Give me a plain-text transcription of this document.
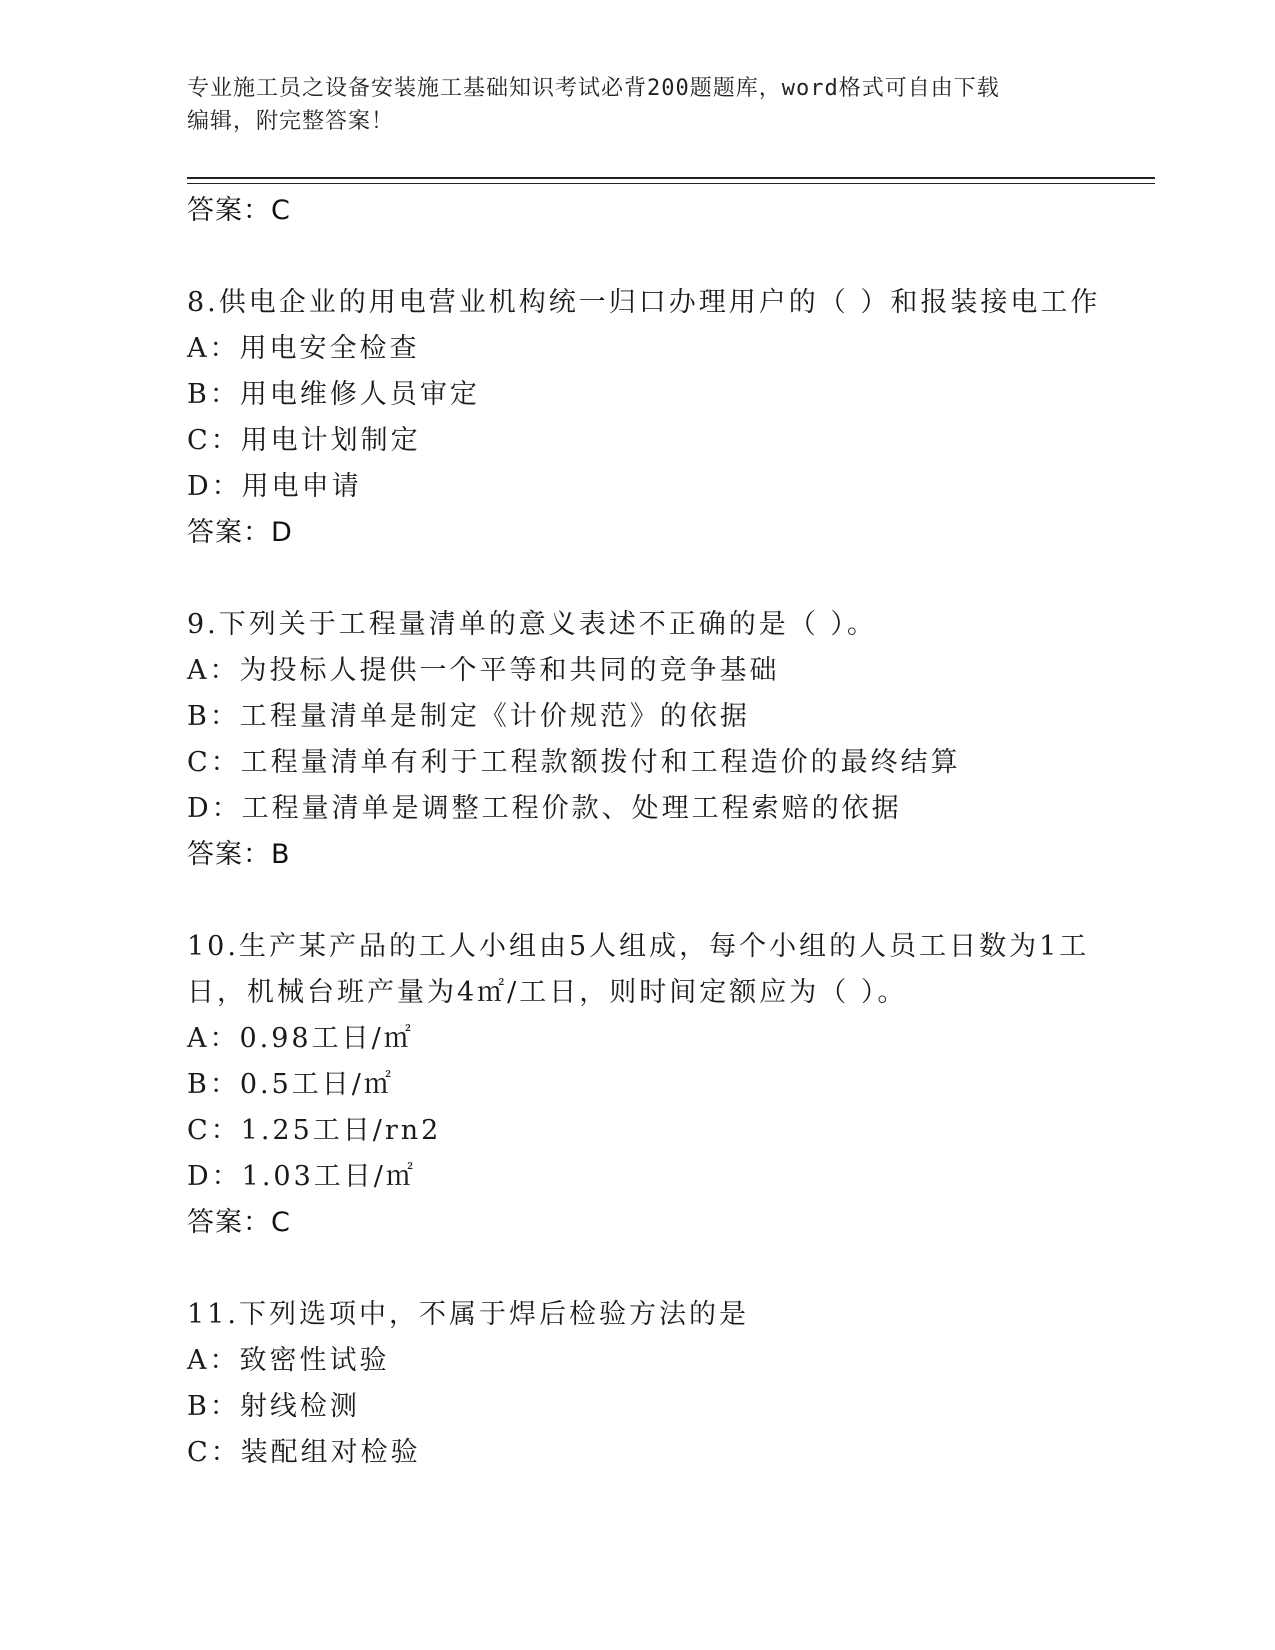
专业施工员之设备安装施工基础知识考试必背200题题库，word格式可自由下载
编辑，附完整答案！
答案：C
8.供电企业的用电营业机构统一归口办理用户的（ ）和报装接电工作
A：用电安全检查
B：用电维修人员审定
C：用电计划制定
D：用电申请
答案：D
9.下列关于工程量清单的意义表述不正确的是（ ）。
A：为投标人提供一个平等和共同的竞争基础
B：工程量清单是制定《计价规范》的依据
C：工程量清单有利于工程款额拨付和工程造价的最终结算
D：工程量清单是调整工程价款、处理工程索赔的依据
答案：B
10.生产某产品的工人小组由5人组成，每个小组的人员工日数为1工
日，机械台班产量为4㎡/工日，则时间定额应为（ ）。
A：0.98工日/㎡
B：0.5工日/㎡
C：1.25工日/rn2
D：1.03工日/㎡
答案：C
11.下列选项中，不属于焊后检验方法的是
A：致密性试验
B：射线检测
C：装配组对检验
